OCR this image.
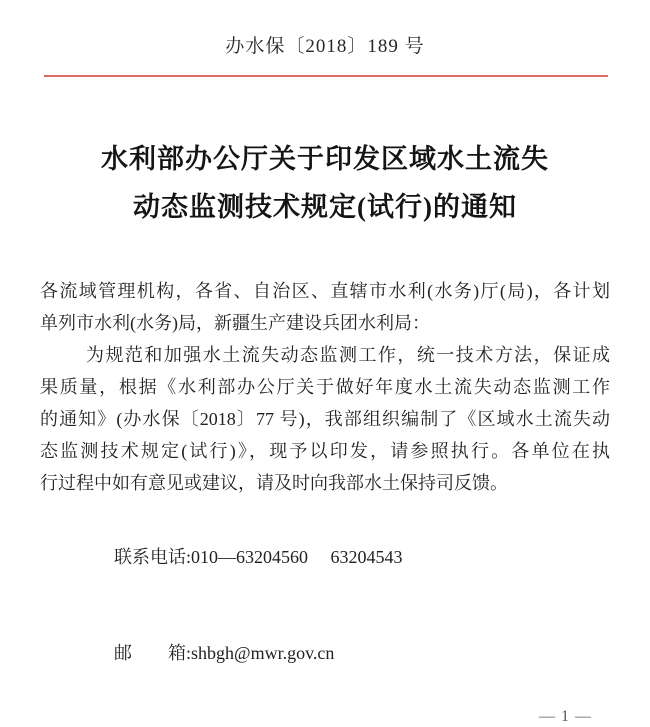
办水保〔2018〕189 号
水利部办公厅关于印发区域水土流失
动态监测技术规定(试行)的通知
各流域管理机构，各省、自治区、直辖市水利(水务)厅(局)，各计划
单列市水利(水务)局，新疆生产建设兵团水利局：
为规范和加强水土流失动态监测工作，统一技术方法，保证成
果质量，根据《水利部办公厅关于做好年度水土流失动态监测工作
的通知》(办水保〔2018〕77 号)，我部组织编制了《区域水土流失动
态监测技术规定(试行)》，现予以印发，请参照执行。各单位在执
行过程中如有意见或建议，请及时向我部水土保持司反馈。

联系电话:010—63204560　 63204543

邮　　箱:shbgh@mwr.gov.cn

— 1 —
